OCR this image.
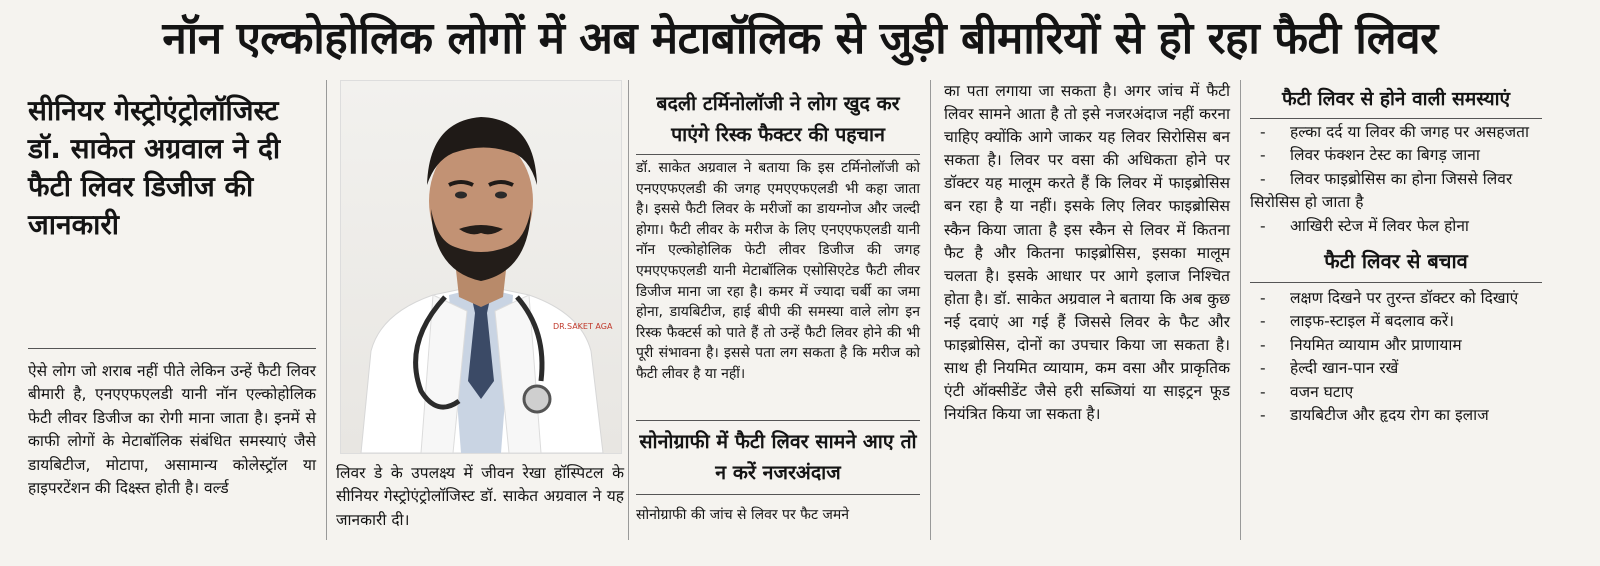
नॉन एल्कोहोलिक लोगों में अब मेटाबॉलिक से जुड़ी बीमारियों से हो रहा फैटी लिवर
सीनियर गेस्ट्रोएंट्रोलॉजिस्ट डॉ. साकेत अग्रवाल ने दी फैटी लिवर डिजीज की जानकारी
ऐसे लोग जो शराब नहीं पीते लेकिन उन्हें फैटी लिवर बीमारी है, एनएएफएलडी यानी नॉन एल्कोहोलिक फेटी लीवर डिजीज का रोगी माना जाता है। इनमें से काफी लोगों के मेटाबॉलिक संबंधित समस्याएं जैसे डायबिटीज, मोटापा, असामान्य कोलेस्ट्रॉल या हाइपरटेंशन की दिक्ष्स्त होती है। वर्ल्ड
DR.SAKET AGA
लिवर डे के उपलक्ष्य में जीवन रेखा हॉस्पिटल के सीनियर गेस्ट्रोएंट्रोलॉजिस्ट डॉ. साकेत अग्रवाल ने यह जानकारी दी।
बदली टर्मिनोलॉजी ने लोग खुद कर पाएंगे रिस्क फैक्टर की पहचान
डॉ. साकेत अग्रवाल ने बताया कि इस टर्मिनोलॉजी को एनएएफएलडी की जगह एमएएफएलडी भी कहा जाता है। इससे फैटी लिवर के मरीजों का डायग्नोज और जल्दी होगा। फैटी लीवर के मरीज के लिए एनएएफएलडी यानी नॉन एल्कोहोलिक फेटी लीवर डिजीज की जगह एमएएफएलडी यानी मेटाबॉलिक एसोसिएटेड फैटी लीवर डिजीज माना जा रहा है। कमर में ज्यादा चर्बी का जमा होना, डायबिटीज, हाई बीपी की समस्या वाले लोग इन रिस्क फैक्टर्स को पाते हैं तो उन्हें फैटी लिवर होने की भी पूरी संभावना है। इससे पता लग सकता है कि मरीज को फैटी लीवर है या नहीं।
सोनोग्राफी में फैटी लिवर सामने आए तो न करें नजरअंदाज
सोनोग्राफी की जांच से लिवर पर फैट जमने
का पता लगाया जा सकता है। अगर जांच में फैटी लिवर सामने आता है तो इसे नजरअंदाज नहीं करना चाहिए क्योंकि आगे जाकर यह लिवर सिरोसिस बन सकता है। लिवर पर वसा की अधिकता होने पर डॉक्टर यह मालूम करते हैं कि लिवर में फाइब्रोसिस बन रहा है या नहीं। इसके लिए लिवर फाइब्रोसिस स्कैन किया जाता है इस स्कैन से लिवर में कितना फैट है और कितना फाइब्रोसिस, इसका मालूम चलता है। इसके आधार पर आगे इलाज निश्चित होता है। डॉ. साकेत अग्रवाल ने बताया कि अब कुछ नई दवाएं आ गई हैं जिससे लिवर के फैट और फाइब्रोसिस, दोनों का उपचार किया जा सकता है। साथ ही नियमित व्यायाम, कम वसा और प्राकृतिक एंटी ऑक्सीडेंट जैसे हरी सब्जियां या साइट्रन फूड नियंत्रित किया जा सकता है।
फैटी लिवर से होने वाली समस्याएं
- हल्का दर्द या लिवर की जगह पर असहजता
- लिवर फंक्शन टेस्ट का बिगड़ जाना
- लिवर फाइब्रोसिस का होना जिससे लिवर सिरोसिस हो जाता है
- आखिरी स्टेज में लिवर फेल होना
फैटी लिवर से बचाव
- लक्षण दिखने पर तुरन्त डॉक्टर को दिखाएं
- लाइफ-स्टाइल में बदलाव करें।
- नियमित व्यायाम और प्राणायाम
- हेल्दी खान-पान रखें
- वजन घटाए
- डायबिटीज और हृदय रोग का इलाज
